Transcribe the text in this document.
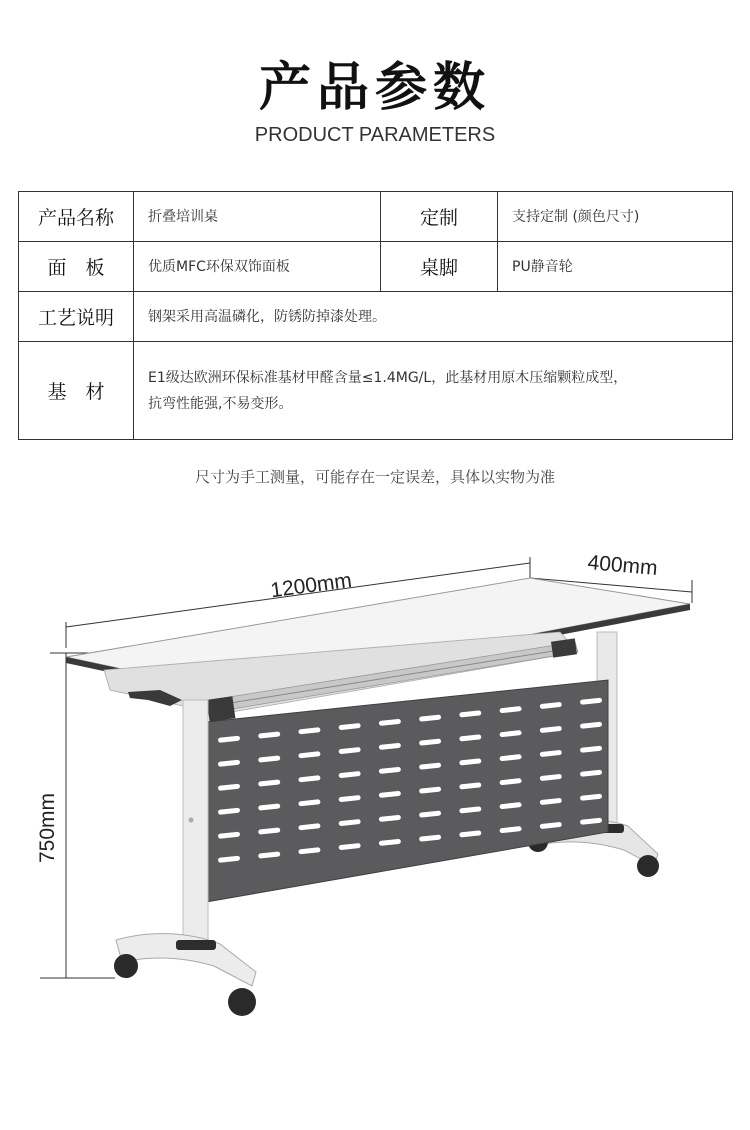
产品参数
PRODUCT PARAMETERS
产品名称	折叠培训桌	定制	支持定制 (颜色尺寸)
面　板	优质MFC环保双饰面板	桌脚	PU静音轮
工艺说明	钢架采用高温磷化，防锈防掉漆处理。		
基　材	E1级达欧洲环保标准基材甲醛含量≤1.4MG/L，此基材用原木压缩颗粒成型，
抗弯性能强,不易变形。		
尺寸为手工测量，可能存在一定误差，具体以实物为准
1200mm
400mm
750mm
